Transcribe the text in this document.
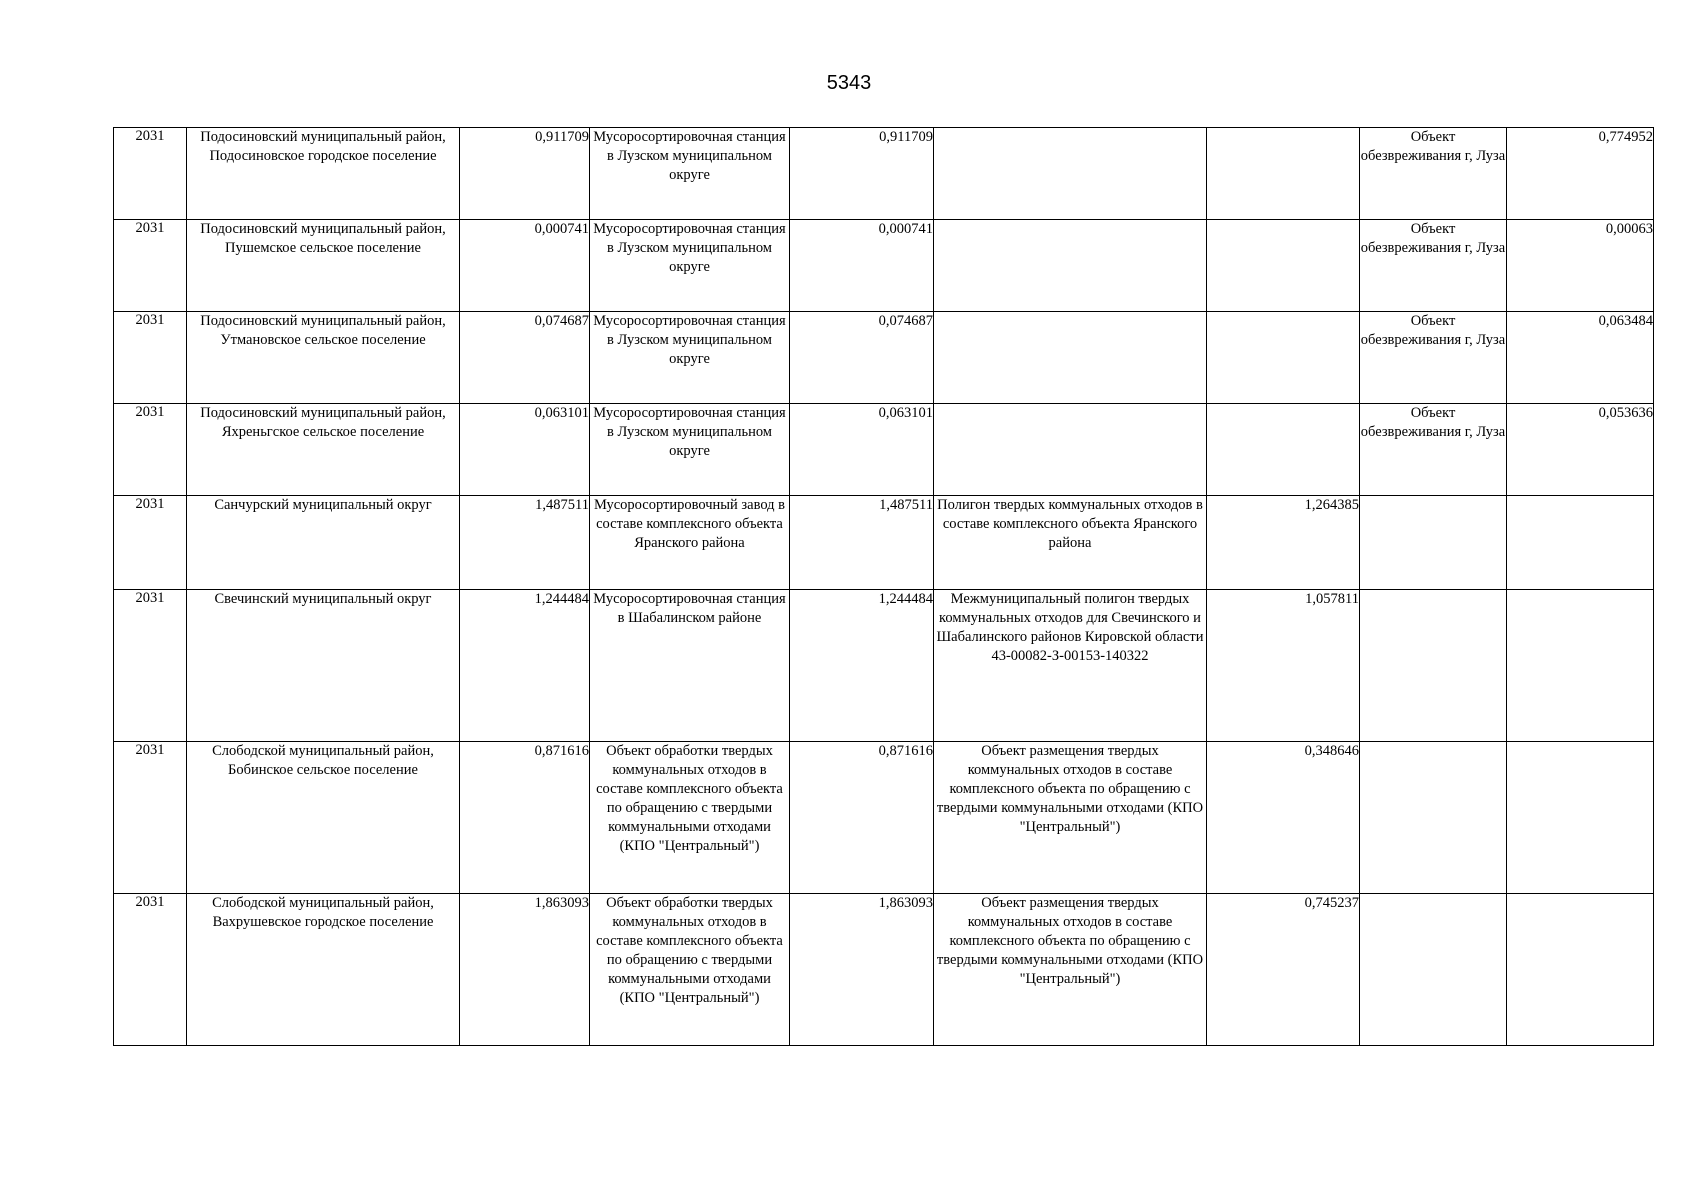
5343
2031	Подосиновский муниципальный район, Подосиновское городское поселение	0,911709	Мусоросортировочная станция в Лузском муниципальном округе	0,911709			Объект обезвреживания г, Луза	0,774952

2031	Подосиновский муниципальный район, Пушемское сельское поселение	0,000741	Мусоросортировочная станция в Лузском муниципальном округе	0,000741			Объект обезвреживания г, Луза	0,00063

2031	Подосиновский муниципальный район, Утмановское сельское поселение	0,074687	Мусоросортировочная станция в Лузском муниципальном округе	0,074687			Объект обезвреживания г, Луза	0,063484

2031	Подосиновский муниципальный район, Яхреньгское сельское поселение	0,063101	Мусоросортировочная станция в Лузском муниципальном округе	0,063101			Объект обезвреживания г, Луза	0,053636

2031	Санчурский муниципальный округ	1,487511	Мусоросортировочный завод в составе комплексного объекта Яранского района	1,487511	Полигон твердых коммунальных отходов в составе комплексного объекта Яранского района	1,264385		

2031	Свечинский муниципальный округ	1,244484	Мусоросортировочная станция в Шабалинском районе	1,244484	Межмуниципальный полигон твердых коммунальных отходов для Свечинского и Шабалинского районов Кировской области 43-00082-З-00153-140322	1,057811		

2031	Слободской муниципальный район, Бобинское сельское поселение	0,871616	Объект обработки твердых коммунальных отходов в составе комплексного объекта по обращению с твердыми коммунальными отходами (КПО "Центральный")	0,871616	Объект размещения твердых коммунальных отходов в составе комплексного объекта по обращению с твердыми коммунальными отходами (КПО "Центральный")	0,348646		

2031	Слободской муниципальный район, Вахрушевское городское поселение	1,863093	Объект обработки твердых коммунальных отходов в составе комплексного объекта по обращению с твердыми коммунальными отходами (КПО "Центральный")	1,863093	Объект размещения твердых коммунальных отходов в составе комплексного объекта по обращению с твердыми коммунальными отходами (КПО "Центральный")	0,745237		
